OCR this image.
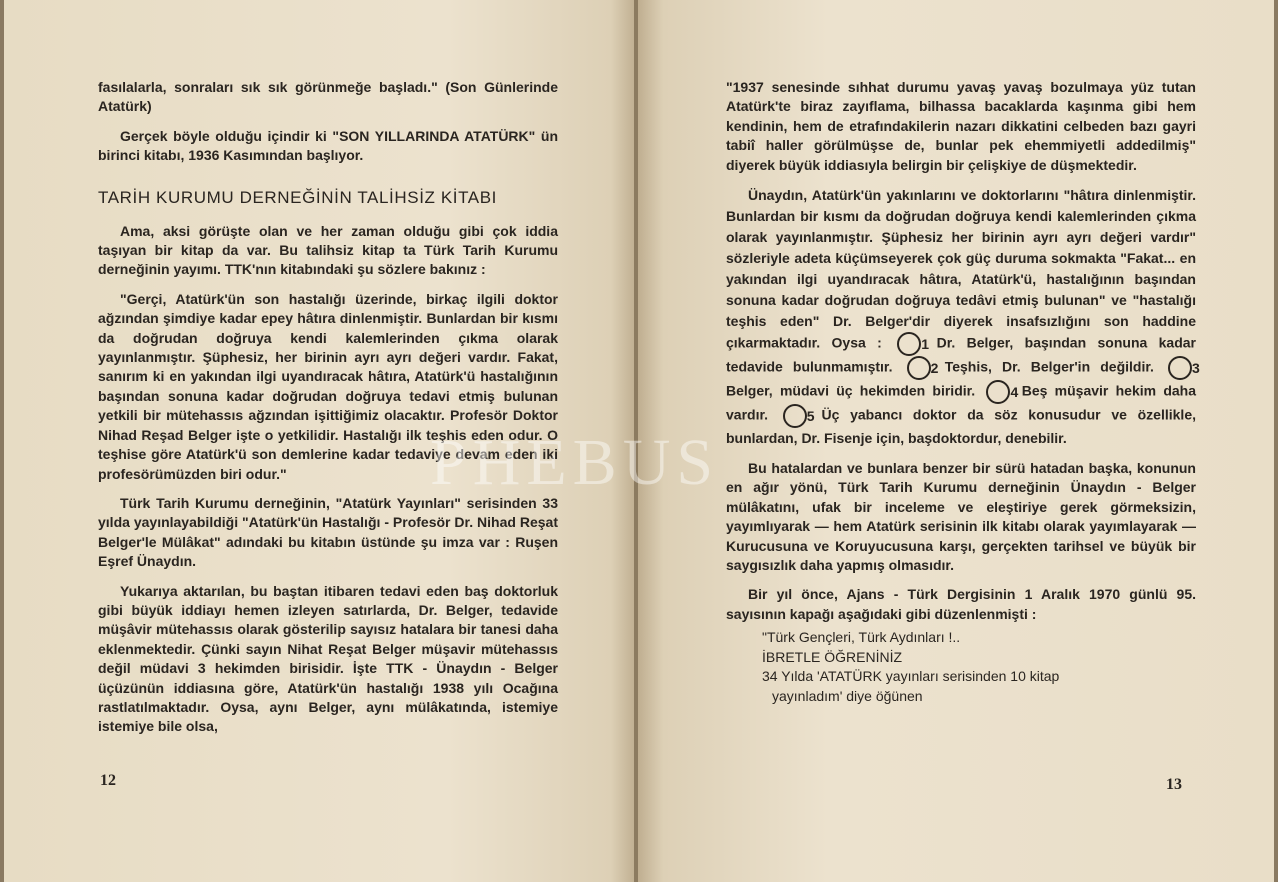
fasılalarla, sonraları sık sık görünmeğe başladı." (Son Günlerinde Atatürk)

Gerçek böyle olduğu içindir ki "SON YILLARINDA ATATÜRK" ün birinci kitabı, 1936 Kasımından başlıyor.

TARİH KURUMU DERNEĞİNİN TALİHSİZ KİTABI

Ama, aksi görüşte olan ve her zaman olduğu gibi çok iddia taşıyan bir kitap da var. Bu talihsiz kitap ta Türk Tarih Kurumu derneğinin yayımı. TTK'nın kitabındaki şu sözlere bakınız :

"Gerçi, Atatürk'ün son hastalığı üzerinde, birkaç ilgili doktor ağzından şimdiye kadar epey hâtıra dinlenmiştir. Bunlardan bir kısmı da doğrudan doğruya kendi kalemlerinden çıkma olarak yayınlanmıştır. Şüphesiz, her birinin ayrı ayrı değeri vardır. Fakat, sanırım ki en yakından ilgi uyandıracak hâtıra, Atatürk'ü hastalığının başından sonuna kadar doğrudan doğruya tedavi etmiş bulunan yetkili bir mütehassıs ağzından işittiğimiz olacaktır. Profesör Doktor Nihad Reşad Belger işte o yetkilidir. Hastalığı ilk teşhis eden odur. O teşhise göre Atatürk'ü son demlerine kadar tedaviye devam eden iki profesörümüzden biri odur."

Türk Tarih Kurumu derneğinin, "Atatürk Yayınları" serisinden 33 yılda yayınlayabildiği "Atatürk'ün Hastalığı - Profesör Dr. Nihad Reşat Belger'le Mülâkat" adındaki bu kitabın üstünde şu imza var : Ruşen Eşref Ünaydın.

Yukarıya aktarılan, bu baştan itibaren tedavi eden baş doktorluk gibi büyük iddiayı hemen izleyen satırlarda, Dr. Belger, tedavide müşâvir mütehassıs olarak gösterilip sayısız hatalara bir tanesi daha eklenmektedir. Çünki sayın Nihat Reşat Belger müşavir mütehassıs değil müdavi 3 hekimden birisidir. İşte TTK - Ünaydın - Belger üçüzünün iddiasına göre, Atatürk'ün hastalığı 1938 yılı Ocağına rastlatılmaktadır. Oysa, aynı Belger, aynı mülâkatında, istemiye istemiye bile olsa,

12

"1937 senesinde sıhhat durumu yavaş yavaş bozulmaya yüz tutan Atatürk'te biraz zayıflama, bilhassa bacaklarda kaşınma gibi hem kendinin, hem de etrafındakilerin nazarı dikkatini celbeden bazı gayri tabiî haller görülmüşse de, bunlar pek ehemmiyetli addedilmiş" diyerek büyük iddiasıyla belirgin bir çelişkiye de düşmektedir.

Ünaydın, Atatürk'ün yakınlarını ve doktorlarını "hâtıra dinlenmiştir. Bunlardan bir kısmı da doğrudan doğruya kendi kalemlerinden çıkma olarak yayınlanmıştır. Şüphesiz her birinin ayrı ayrı değeri vardır" sözleriyle adeta küçümseyerek çok güç duruma sokmakta "Fakat... en yakından ilgi uyandıracak hâtıra, Atatürk'ü, hastalığının başından sonuna kadar doğrudan doğruya tedâvi etmiş bulunan" ve "hastalığı teşhis eden" Dr. Belger'dir diyerek insafsızlığını son haddine çıkarmaktadır. Oysa :	1 Dr. Belger, başından sonuna kadar tedavide bulunmamıştır.	2 Teşhis, Dr. Belger'in değildir.	3 Belger, müdavi üç hekimden biridir.	4 Beş müşavir hekim daha vardır.	5 Üç yabancı doktor da söz konusudur ve özellikle, bunlardan, Dr. Fisenje için, başdoktordur, denebilir.

Bu hatalardan ve bunlara benzer bir sürü hatadan başka, konunun en ağır yönü, Türk Tarih Kurumu derneğinin Ünaydın - Belger mülâkatını, ufak bir inceleme ve eleştiriye gerek görmeksizin, yayımlıyarak — hem Atatürk serisinin ilk kitabı olarak yayımlayarak — Kurucusuna ve Koruyucusuna karşı, gerçekten tarihsel ve büyük bir saygısızlık daha yapmış olmasıdır.

Bir yıl önce, Ajans - Türk Dergisinin 1 Aralık 1970 günlü 95. sayısının kapağı aşağıdaki gibi düzenlenmişti :

"Türk Gençleri, Türk Aydınları !..
İBRETLE ÖĞRENİNİZ
34 Yılda 'ATATÜRK yayınları serisinden 10 kitap
yayınladım' diye öğünen
13
PHEBUS
